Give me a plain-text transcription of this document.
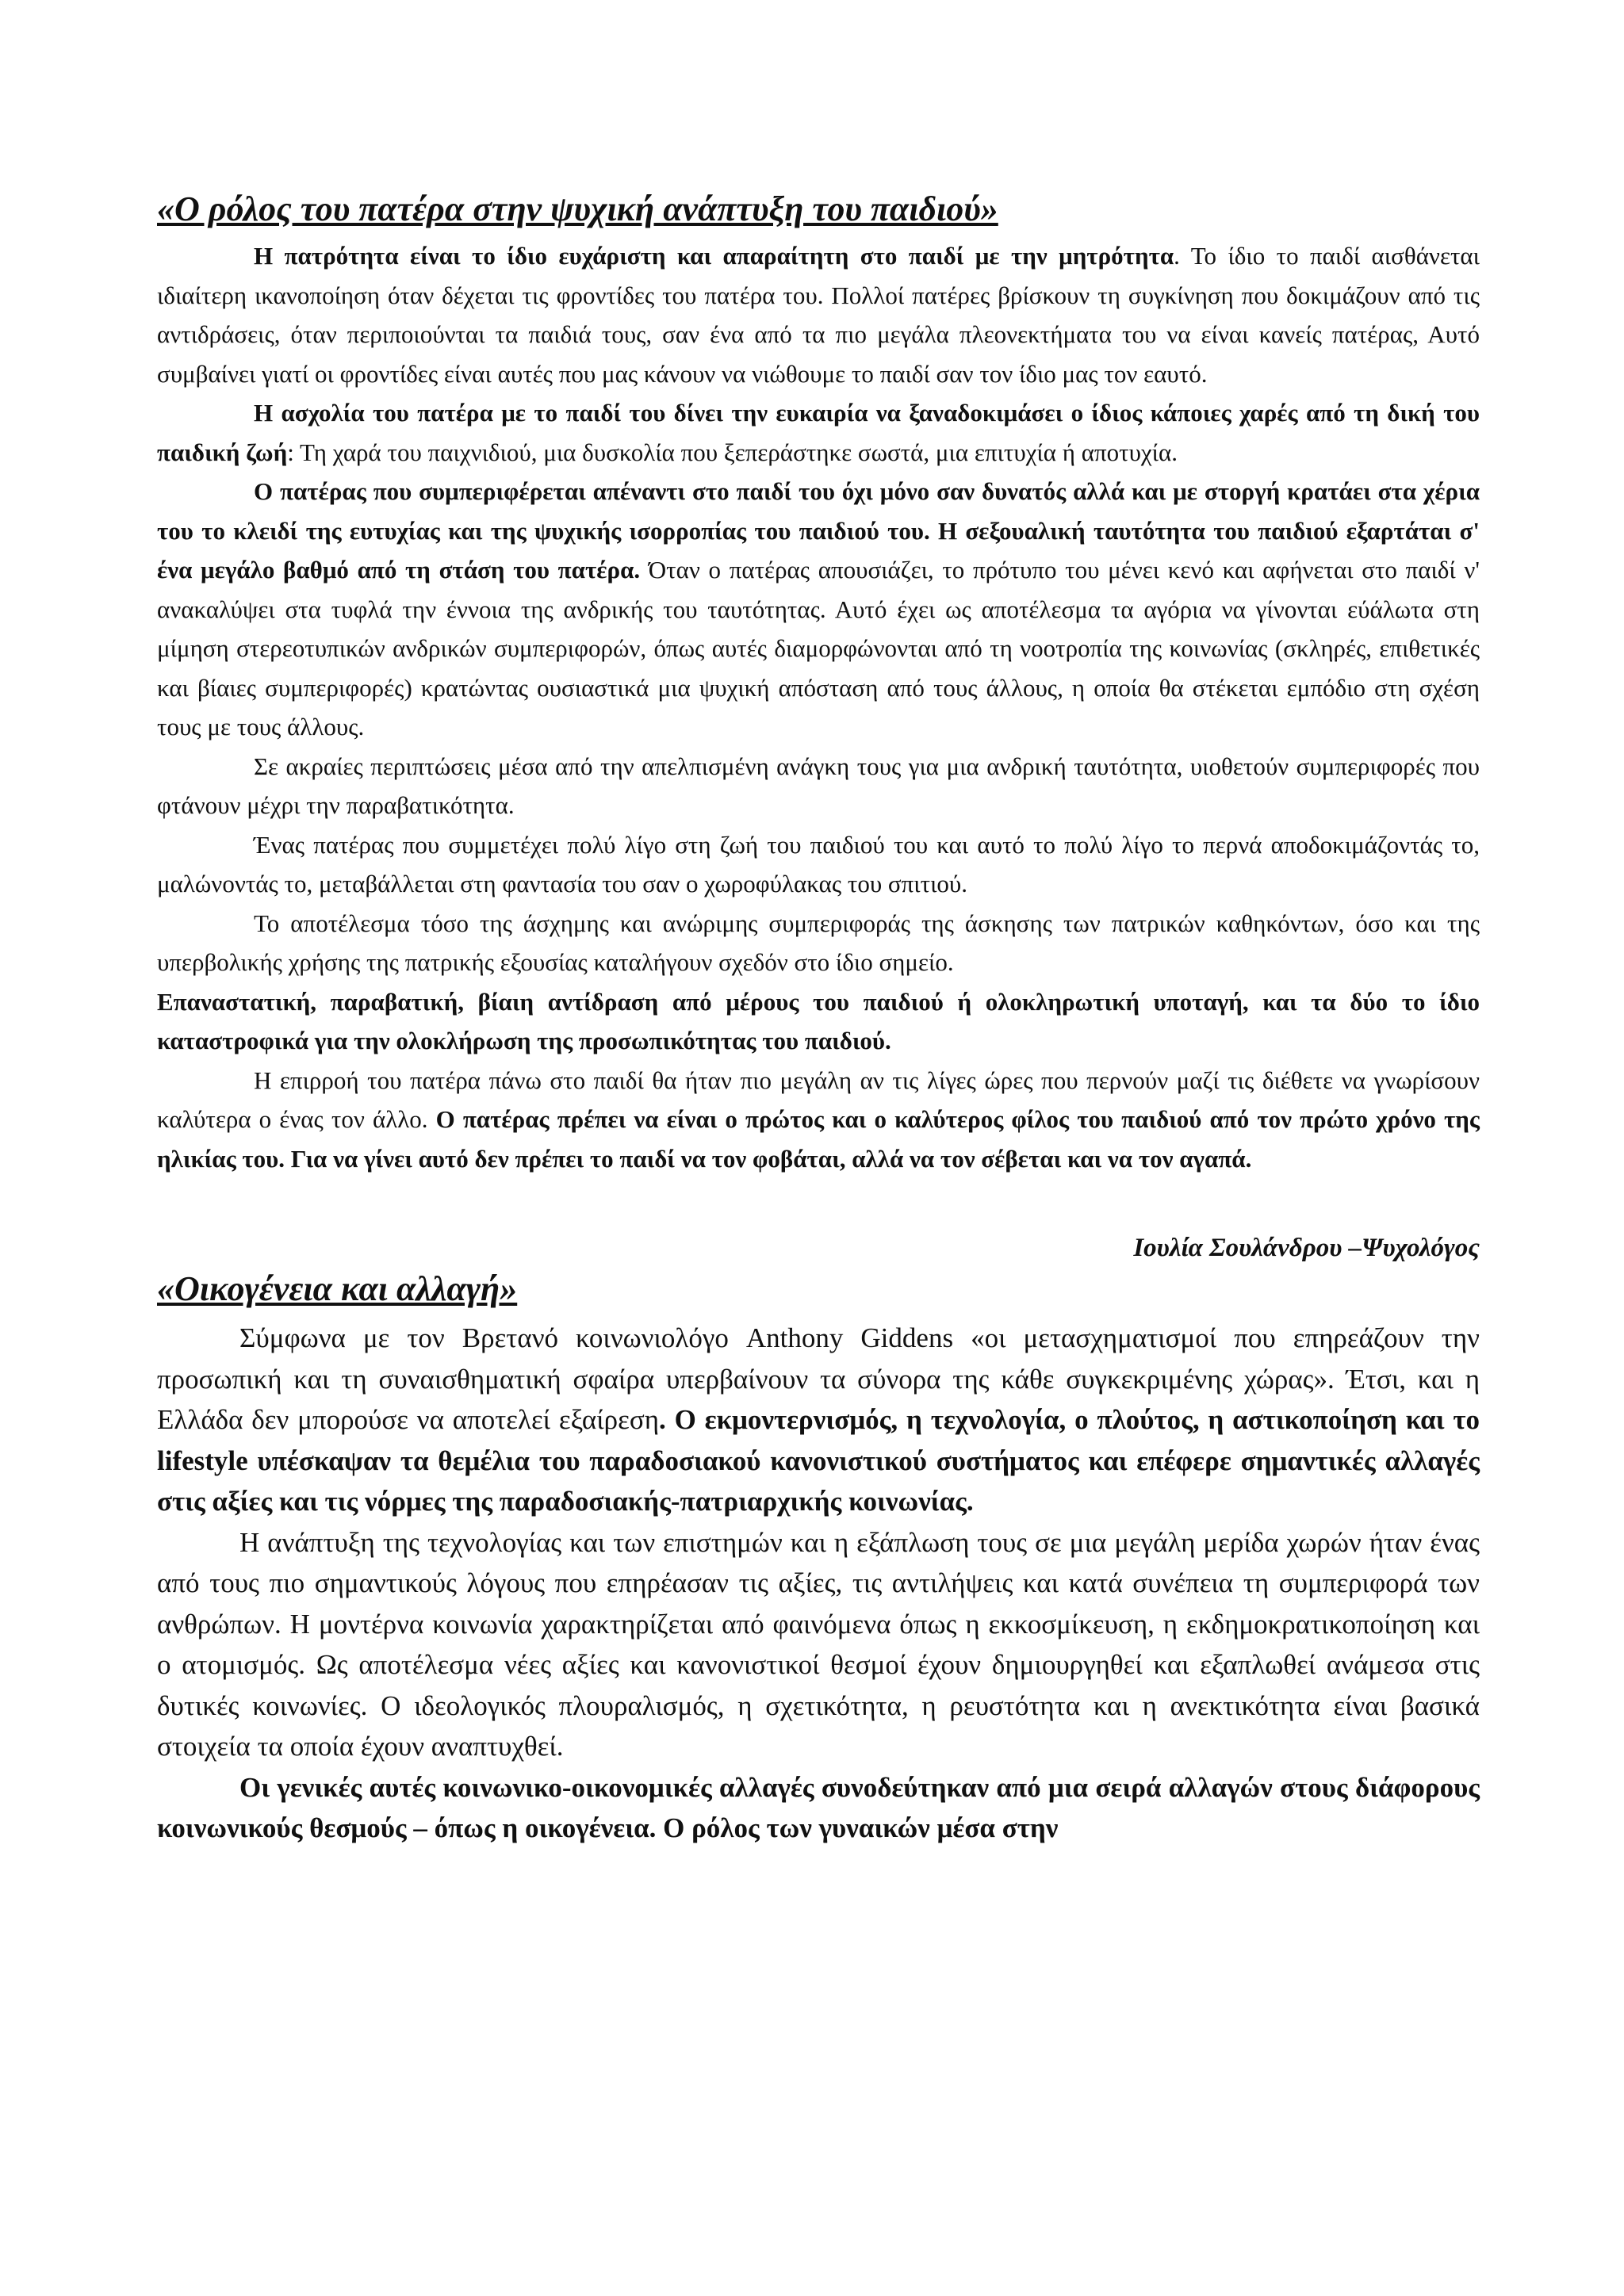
«Ο ρόλος του πατέρα στην ψυχική ανάπτυξη του παιδιού»

Η πατρότητα είναι το ίδιο ευχάριστη και απαραίτητη στο παιδί με την μητρότητα. Το ίδιο το παιδί αισθάνεται ιδιαίτερη ικανοποίηση όταν δέχεται τις φροντίδες του πατέρα του. Πολλοί πατέρες βρίσκουν τη συγκίνηση που δοκιμάζουν από τις αντιδράσεις, όταν περιποιούνται τα παιδιά τους, σαν ένα από τα πιο μεγάλα πλεονεκτήματα του να είναι κανείς πατέρας, Αυτό συμβαίνει γιατί οι φροντίδες είναι αυτές που μας κάνουν να νιώθουμε το παιδί σαν τον ίδιο μας τον εαυτό.

Η ασχολία του πατέρα με το παιδί του δίνει την ευκαιρία να ξαναδοκιμάσει ο ίδιος κάποιες χαρές από τη δική του παιδική ζωή: Τη χαρά του παιχνιδιού, μια δυσκολία που ξεπεράστηκε σωστά, μια επιτυχία ή αποτυχία.

Ο πατέρας που συμπεριφέρεται απέναντι στο παιδί του όχι μόνο σαν δυνατός αλλά και με στοργή κρατάει στα χέρια του το κλειδί της ευτυχίας και της ψυχικής ισορροπίας του παιδιού του. Η σεξουαλική ταυτότητα του παιδιού εξαρτάται σ' ένα μεγάλο βαθμό από τη στάση του πατέρα. Όταν ο πατέρας απουσιάζει, το πρότυπο του μένει κενό και αφήνεται στο παιδί ν' ανακαλύψει στα τυφλά την έννοια της ανδρικής του ταυτότητας. Αυτό έχει ως αποτέλεσμα τα αγόρια να γίνονται εύάλωτα στη μίμηση στερεοτυπικών ανδρικών συμπεριφορών, όπως αυτές διαμορφώνονται από τη νοοτροπία της κοινωνίας (σκληρές, επιθετικές και βίαιες συμπεριφορές) κρατώντας ουσιαστικά μια ψυχική απόσταση από τους άλλους, η οποία θα στέκεται εμπόδιο στη σχέση τους με τους άλλους.

Σε ακραίες περιπτώσεις μέσα από την απελπισμένη ανάγκη τους για μια ανδρική ταυτότητα, υιοθετούν συμπεριφορές που φτάνουν μέχρι την παραβατικότητα.

Ένας πατέρας που συμμετέχει πολύ λίγο στη ζωή του παιδιού του και αυτό το πολύ λίγο το περνά αποδοκιμάζοντάς το, μαλώνοντάς το, μεταβάλλεται στη φαντασία του σαν ο χωροφύλακας του σπιτιού.

Το αποτέλεσμα τόσο της άσχημης και ανώριμης συμπεριφοράς της άσκησης των πατρικών καθηκόντων, όσο και της υπερβολικής χρήσης της πατρικής εξουσίας καταλήγουν σχεδόν στο ίδιο σημείο.

Επαναστατική, παραβατική, βίαιη αντίδραση από μέρους του παιδιού ή ολοκληρωτική υποταγή, και τα δύο το ίδιο καταστροφικά για την ολοκλήρωση της προσωπικότητας του παιδιού.

Η επιρροή του πατέρα πάνω στο παιδί θα ήταν πιο μεγάλη αν τις λίγες ώρες που περνούν μαζί τις διέθετε να γνωρίσουν καλύτερα ο ένας τον άλλο. Ο πατέρας πρέπει να είναι ο πρώτος και ο καλύτερος φίλος του παιδιού από τον πρώτο χρόνο της ηλικίας του. Για να γίνει αυτό δεν πρέπει το παιδί να τον φοβάται, αλλά να τον σέβεται και να τον αγαπά.

Ιουλία Σουλάνδρου –Ψυχολόγος
«Οικογένεια και αλλαγή»

Σύμφωνα με τον Βρετανό κοινωνιολόγο Anthony Giddens «οι μετασχηματισμοί που επηρεάζουν την προσωπική και τη συναισθηματική σφαίρα υπερβαίνουν τα σύνορα της κάθε συγκεκριμένης χώρας». Έτσι, και η Ελλάδα δεν μπορούσε να αποτελεί εξαίρεση. Ο εκμοντερνισμός, η τεχνολογία, ο πλούτος, η αστικοποίηση και το lifestyle υπέσκαψαν τα θεμέλια του παραδοσιακού κανονιστικού συστήματος και επέφερε σημαντικές αλλαγές στις αξίες και τις νόρμες της παραδοσιακής-πατριαρχικής κοινωνίας.

Η ανάπτυξη της τεχνολογίας και των επιστημών και η εξάπλωση τους σε μια μεγάλη μερίδα χωρών ήταν ένας από τους πιο σημαντικούς λόγους που επηρέασαν τις αξίες, τις αντιλήψεις και κατά συνέπεια τη συμπεριφορά των ανθρώπων. Η μοντέρνα κοινωνία χαρακτηρίζεται από φαινόμενα όπως η εκκοσμίκευση, η εκδημοκρατικοποίηση και ο ατομισμός. Ως αποτέλεσμα νέες αξίες και κανονιστικοί θεσμοί έχουν δημιουργηθεί και εξαπλωθεί ανάμεσα στις δυτικές κοινωνίες. Ο ιδεολογικός πλουραλισμός, η σχετικότητα, η ρευστότητα και η ανεκτικότητα είναι βασικά στοιχεία τα οποία έχουν αναπτυχθεί.

Οι γενικές αυτές κοινωνικο-οικονομικές αλλαγές συνοδεύτηκαν από μια σειρά αλλαγών στους διάφορους κοινωνικούς θεσμούς – όπως η οικογένεια. Ο ρόλος των γυναικών μέσα στην
